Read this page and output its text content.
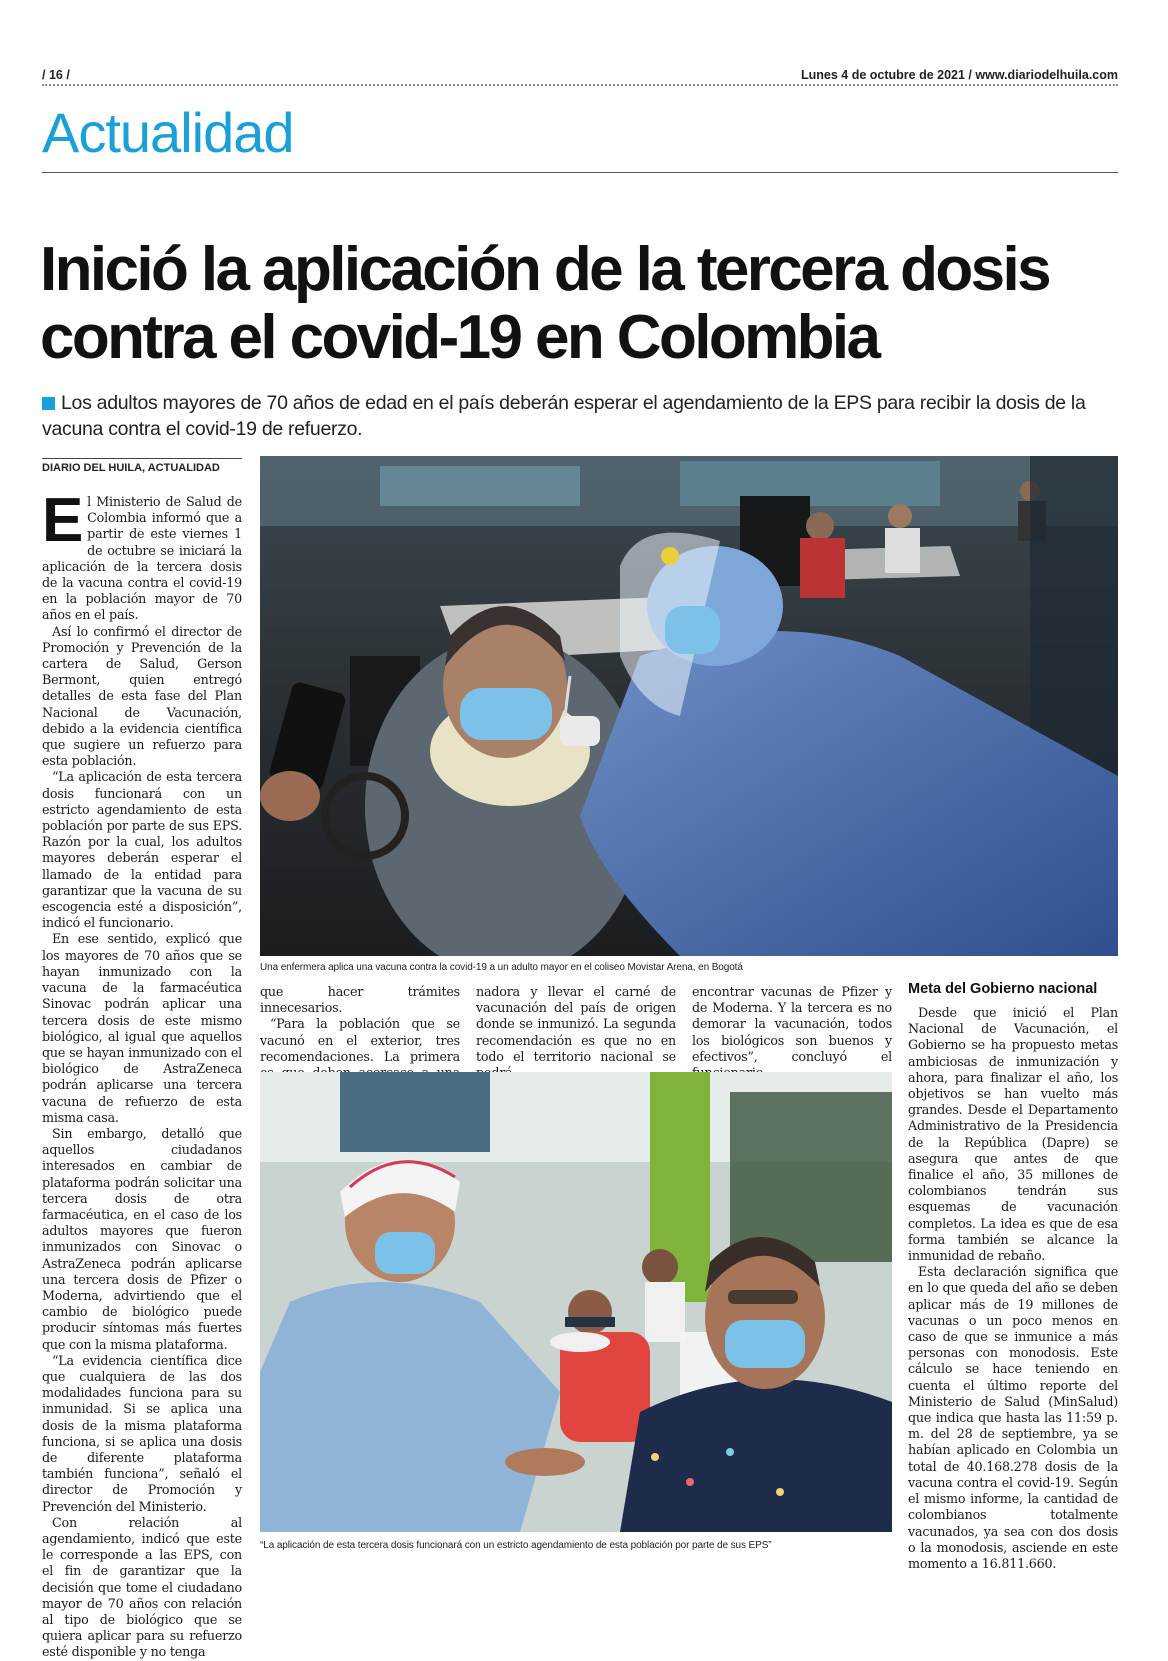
/ 16 /	Lunes 4 de octubre de 2021 / www.diariodelhuila.com
Actualidad
Inició la aplicación de la tercera dosis contra el covid-19 en Colombia
Los adultos mayores de 70 años de edad en el país deberán esperar el agendamiento de la EPS para recibir la dosis de la vacuna contra el covid-19 de refuerzo.
DIARIO DEL HUILA, ACTUALIDAD

El Ministerio de Salud de Colombia informó que a partir de este viernes 1 de octubre se iniciará la aplicación de la tercera dosis de la vacuna contra el covid-19 en la población mayor de 70 años en el país.

Así lo confirmó el director de Promoción y Prevención de la cartera de Salud, Gerson Bermont, quien entregó detalles de esta fase del Plan Nacional de Vacunación, debido a la evidencia científica que sugiere un refuerzo para esta población.

“La aplicación de esta tercera dosis funcionará con un estricto agendamiento de esta población por parte de sus EPS. Razón por la cual, los adultos mayores deberán esperar el llamado de la entidad para garantizar que la vacuna de su escogencia esté a disposición”, indicó el funcionario.

En ese sentido, explicó que los mayores de 70 años que se hayan inmunizado con la vacuna de la farmacéutica Sinovac podrán aplicar una tercera dosis de este mismo biológico, al igual que aquellos que se hayan inmunizado con el biológico de AstraZeneca podrán aplicarse una tercera vacuna de refuerzo de esta misma casa.

Sin embargo, detalló que aquellos ciudadanos interesados en cambiar de plataforma podrán solicitar una tercera dosis de otra farmacéutica, en el caso de los adultos mayores que fueron inmunizados con Sinovac o AstraZeneca podrán aplicarse una tercera dosis de Pfizer o Moderna, advirtiendo que el cambio de biológico puede producir síntomas más fuertes que con la misma plataforma.

“La evidencia científica dice que cualquiera de las dos modalidades funciona para su inmunidad. Si se aplica una dosis de la misma plataforma funciona, si se aplica una dosis de diferente plataforma también funciona”, señaló el director de Promoción y Prevención del Ministerio.

Con relación al agendamiento, indicó que este le corresponde a las EPS, con el fin de garantizar que la decisión que tome el ciudadano mayor de 70 años con relación al tipo de biológico que se quiera aplicar para su refuerzo esté disponible y no tenga

Una enfermera aplica una vacuna contra la covid-19 a un adulto mayor en el coliseo Movistar Arena, en Bogotá

que hacer trámites innecesarios.

“Para la población que se vacunó en el exterior, tres recomendaciones. La primera

nadora y llevar el carné de vacunación del país de origen donde se inmunizó. La segunda recomendación es que no en todo el territorio nacional se

encontrar vacunas de Pfizer y de Moderna. Y la tercera es no demorar la vacunación, todos los biológicos son buenos y efectivos”, concluyó el

Meta del Gobierno nacional

Desde que inició el Plan Nacional de Vacunación, el Gobierno se ha propuesto metas ambiciosas de inmunización y ahora, para finalizar el año, los objetivos se han vuelto más grandes. Desde el Departamento Administrativo de la Presidencia de la República (Dapre) se asegura que antes de que finalice el año, 35 millones de colombianos tendrán sus esquemas de vacunación completos. La idea es que de esa forma también se alcance la inmunidad de rebaño.

Esta declaración significa que en lo que queda del año se deben aplicar más de 19 millones de vacunas o un poco menos en caso de que se inmunice a más personas con monodosis. Este cálculo se hace teniendo en cuenta el último reporte del Ministerio de Salud (MinSalud) que indica que hasta las 11:59 p. m. del 28 de septiembre, ya se habían aplicado en Colombia un total de 40.168.278 dosis de la vacuna contra el covid-19. Según el mismo informe, la cantidad de colombianos totalmente vacunados, ya sea con dos dosis o la monodosis, asciende en este momento a 16.811.660.

“La aplicación de esta tercera dosis funcionará con un estricto agendamiento de esta población por parte de sus EPS”
